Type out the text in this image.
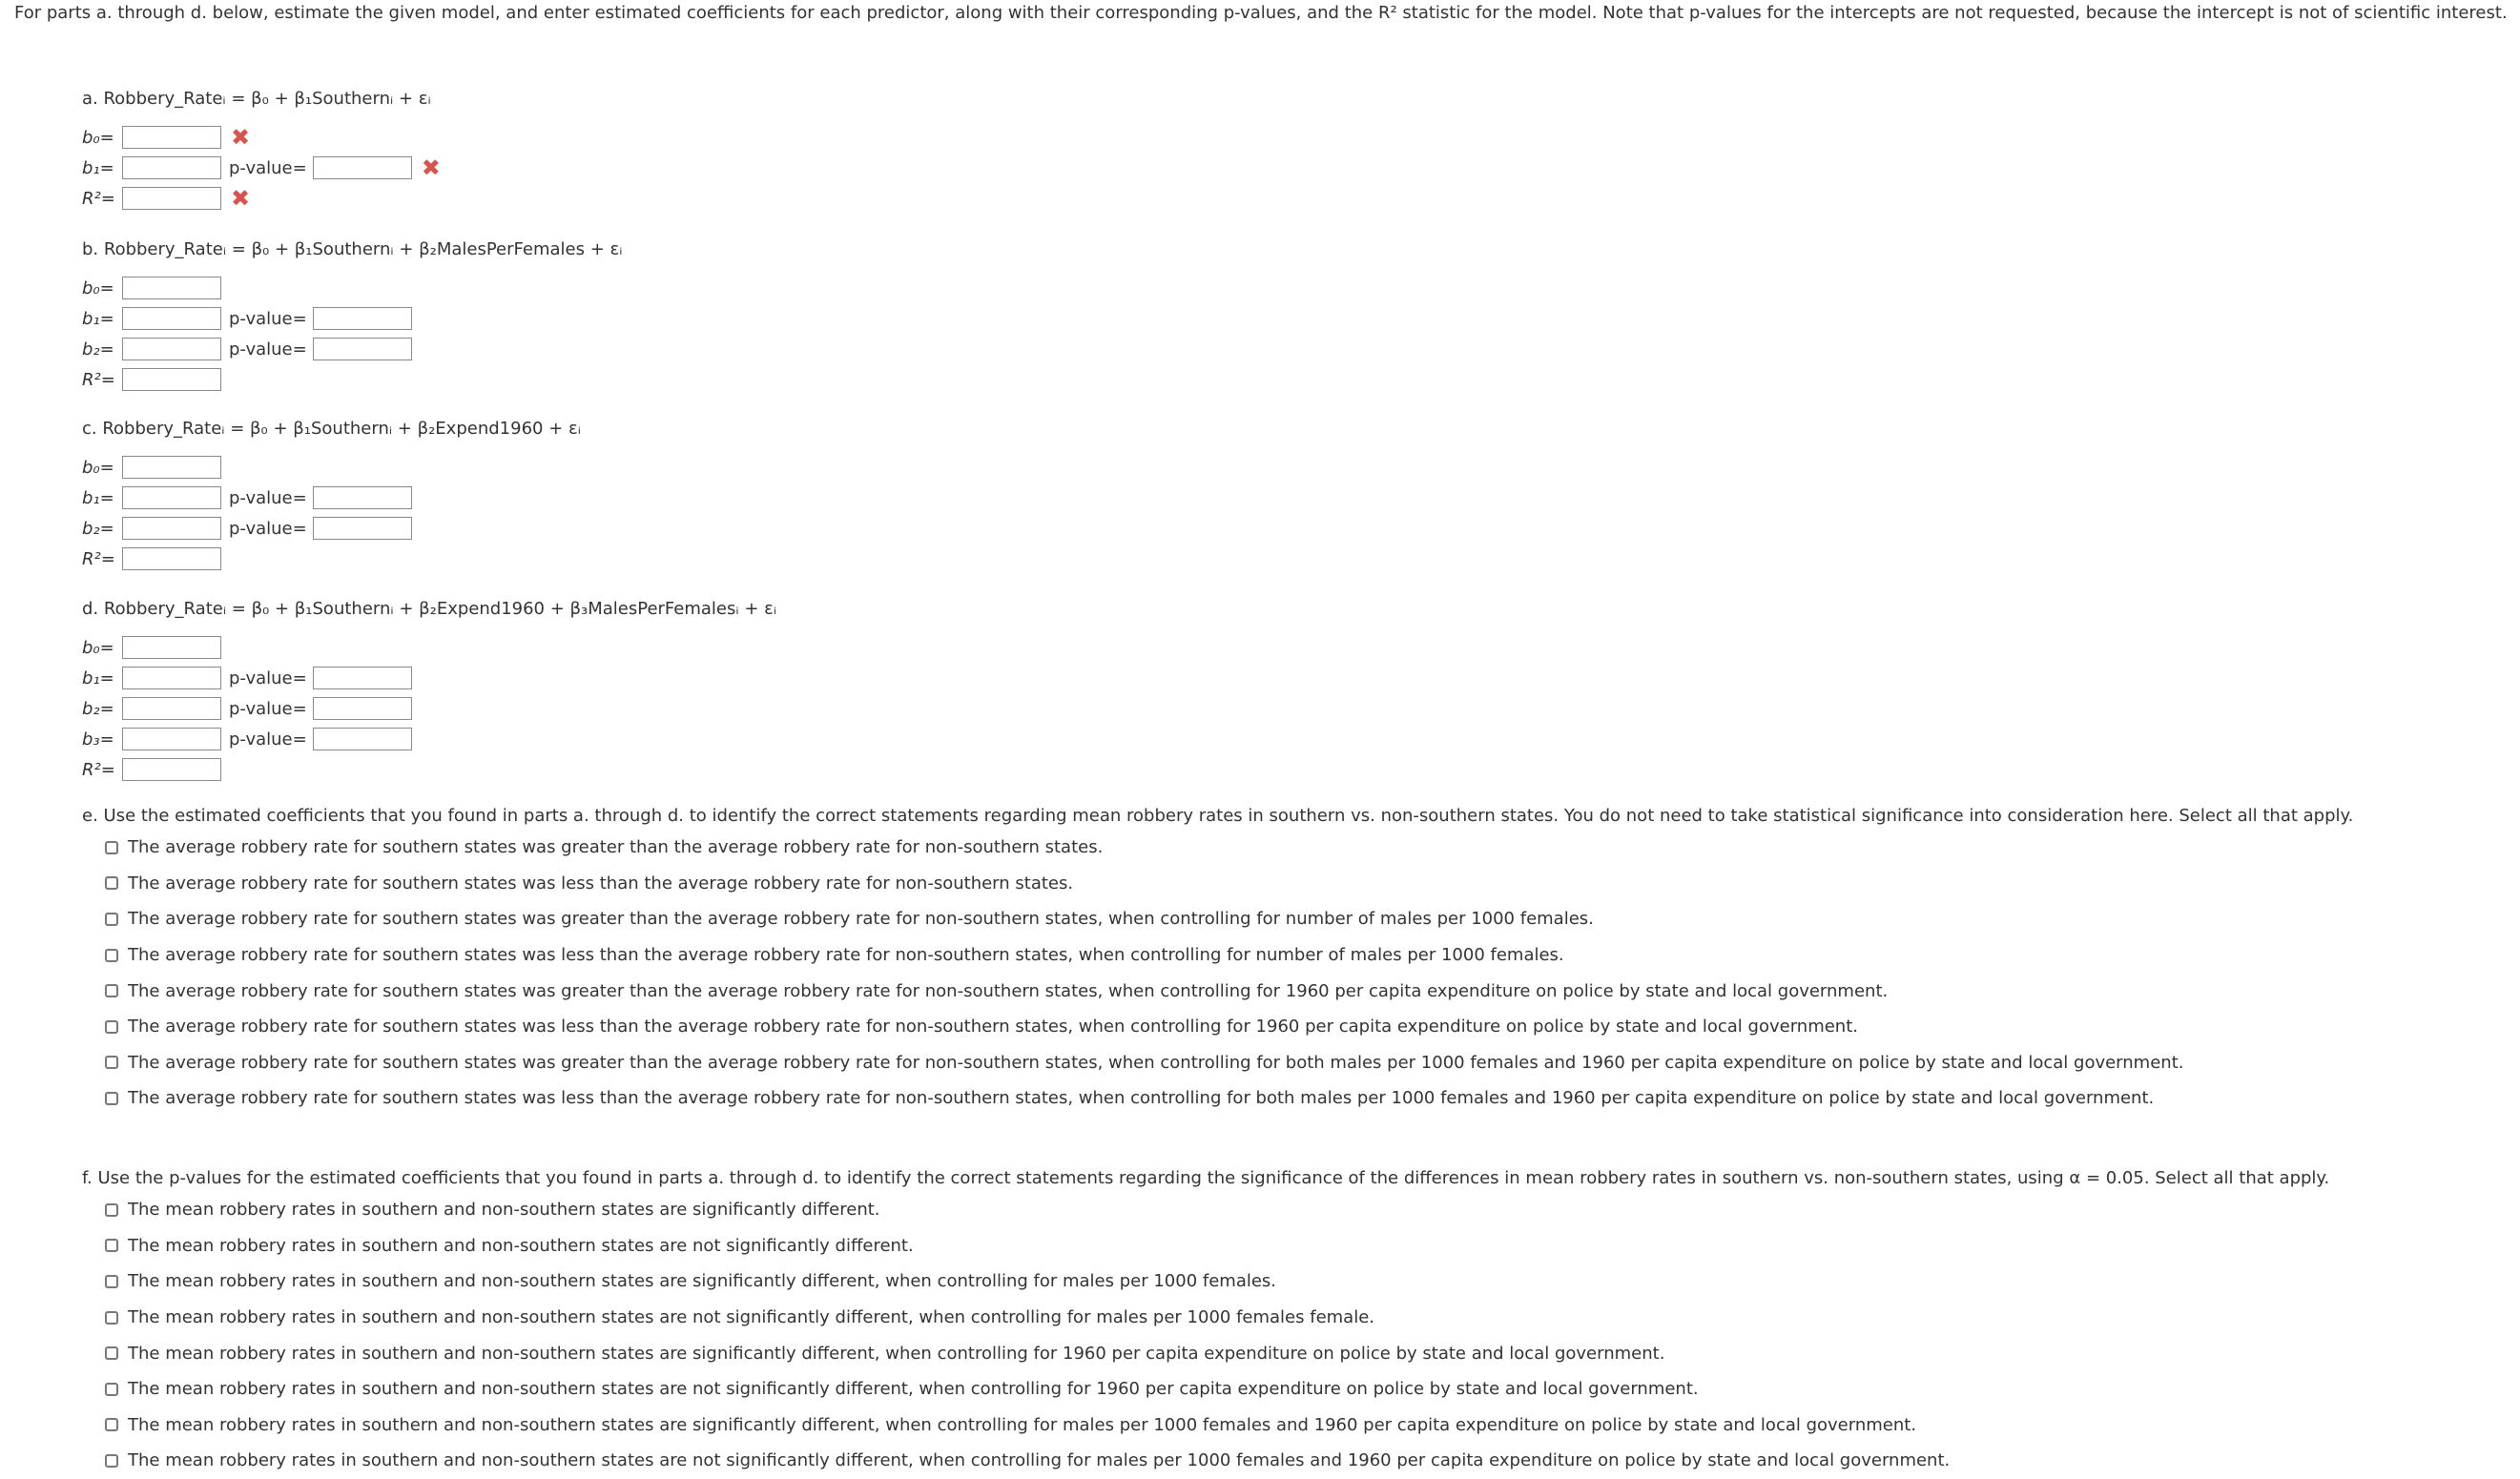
For parts a. through d. below, estimate the given model, and enter estimated coefficients for each predictor, along with their corresponding p-values, and the R² statistic for the model. Note that p-values for the intercepts are not requested, because the intercept is not of scientific interest.
a. Robbery_Rateᵢ = β₀ + β₁Southernᵢ + εᵢ
b₀=	✖
b₁=	p-value=	✖
R²=	✖
b. Robbery_Rateᵢ = β₀ + β₁Southernᵢ + β₂MalesPerFemales + εᵢ
b₀=
b₁=	p-value=
b₂=	p-value=
R²=
c. Robbery_Rateᵢ = β₀ + β₁Southernᵢ + β₂Expend1960 + εᵢ
b₀=
b₁=	p-value=
b₂=	p-value=
R²=
d. Robbery_Rateᵢ = β₀ + β₁Southernᵢ + β₂Expend1960 + β₃MalesPerFemalesᵢ + εᵢ
b₀=
b₁=	p-value=
b₂=	p-value=
b₃=	p-value=
R²=
e. Use the estimated coefficients that you found in parts a. through d. to identify the correct statements regarding mean robbery rates in southern vs. non-southern states. You do not need to take statistical significance into consideration here. Select all that apply.
The average robbery rate for southern states was greater than the average robbery rate for non-southern states.
The average robbery rate for southern states was less than the average robbery rate for non-southern states.
The average robbery rate for southern states was greater than the average robbery rate for non-southern states, when controlling for number of males per 1000 females.
The average robbery rate for southern states was less than the average robbery rate for non-southern states, when controlling for number of males per 1000 females.
The average robbery rate for southern states was greater than the average robbery rate for non-southern states, when controlling for 1960 per capita expenditure on police by state and local government.
The average robbery rate for southern states was less than the average robbery rate for non-southern states, when controlling for 1960 per capita expenditure on police by state and local government.
The average robbery rate for southern states was greater than the average robbery rate for non-southern states, when controlling for both males per 1000 females and 1960 per capita expenditure on police by state and local government.
The average robbery rate for southern states was less than the average robbery rate for non-southern states, when controlling for both males per 1000 females and 1960 per capita expenditure on police by state and local government.
f. Use the p-values for the estimated coefficients that you found in parts a. through d. to identify the correct statements regarding the significance of the differences in mean robbery rates in southern vs. non-southern states, using α = 0.05. Select all that apply.
The mean robbery rates in southern and non-southern states are significantly different.
The mean robbery rates in southern and non-southern states are not significantly different.
The mean robbery rates in southern and non-southern states are significantly different, when controlling for males per 1000 females.
The mean robbery rates in southern and non-southern states are not significantly different, when controlling for males per 1000 females female.
The mean robbery rates in southern and non-southern states are significantly different, when controlling for 1960 per capita expenditure on police by state and local government.
The mean robbery rates in southern and non-southern states are not significantly different, when controlling for 1960 per capita expenditure on police by state and local government.
The mean robbery rates in southern and non-southern states are significantly different, when controlling for males per 1000 females and 1960 per capita expenditure on police by state and local government.
The mean robbery rates in southern and non-southern states are not significantly different, when controlling for males per 1000 females and 1960 per capita expenditure on police by state and local government.
